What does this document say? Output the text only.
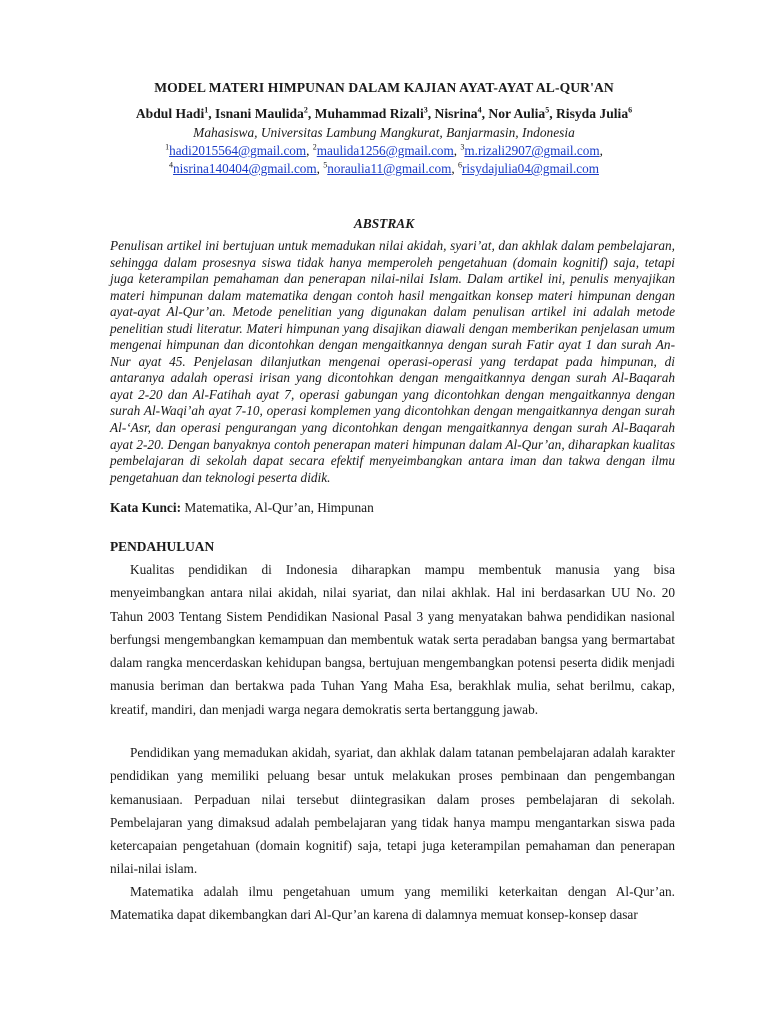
MODEL MATERI HIMPUNAN DALAM KAJIAN AYAT-AYAT AL-QUR'AN
Abdul Hadi$^1$, Isnani Maulida$^2$, Muhammad Rizali$^3$, Nisrina$^4$, Nor Aulia$^5$, Risyda Julia$^6$
Mahasiswa, Universitas Lambung Mangkurat, Banjarmasin, Indonesia
$^1$hadi2015564@gmail.com, $^2$maulida1256@gmail.com, $^3$m.rizali2907@gmail.com,
$^4$nisrina140404@gmail.com, $^5$noraulia11@gmail.com, $^6$risydajulia04@gmail.com
ABSTRAK

Penulisan artikel ini bertujuan untuk memadukan nilai akidah, syari’at, dan akhlak dalam pembelajaran, sehingga dalam prosesnya siswa tidak hanya memperoleh pengetahuan (domain kognitif) saja, tetapi juga keterampilan pemahaman dan penerapan nilai-nilai Islam. Dalam artikel ini, penulis menyajikan materi himpunan dalam matematika dengan contoh hasil mengaitkan konsep materi himpunan dengan ayat-ayat Al-Qur’an. Metode penelitian yang digunakan dalam penulisan artikel ini adalah metode penelitian studi literatur. Materi himpunan yang disajikan diawali dengan memberikan penjelasan umum mengenai himpunan dan dicontohkan dengan mengaitkannya dengan surah Fatir ayat 1 dan surah An-Nur ayat 45. Penjelasan dilanjutkan mengenai operasi-operasi yang terdapat pada himpunan, di antaranya adalah operasi irisan yang dicontohkan dengan mengaitkannya dengan surah Al-Baqarah ayat 2-20 dan Al-Fatihah ayat 7, operasi gabungan yang dicontohkan dengan mengaitkannya dengan surah Al-Waqi’ah ayat 7-10, operasi komplemen yang dicontohkan dengan mengaitkannya dengan surah Al-‘Asr, dan operasi pengurangan yang dicontohkan dengan mengaitkannya dengan surah Al-Baqarah ayat 2-20. Dengan banyaknya contoh penerapan materi himpunan dalam Al-Qur’an, diharapkan kualitas pembelajaran di sekolah dapat secara efektif menyeimbangkan antara iman dan takwa dengan ilmu pengetahuan dan teknologi peserta didik.

Kata Kunci: Matematika, Al-Qur’an, Himpunan
PENDAHULUAN

Kualitas pendidikan di Indonesia diharapkan mampu membentuk manusia yang bisa menyeimbangkan antara nilai akidah, nilai syariat, dan nilai akhlak. Hal ini berdasarkan UU No. 20 Tahun 2003 Tentang Sistem Pendidikan Nasional Pasal 3 yang menyatakan bahwa pendidikan nasional berfungsi mengembangkan kemampuan dan membentuk watak serta peradaban bangsa yang bermartabat dalam rangka mencerdaskan kehidupan bangsa, bertujuan mengembangkan potensi peserta didik menjadi manusia beriman dan bertakwa pada Tuhan Yang Maha Esa, berakhlak mulia, sehat berilmu, cakap, kreatif, mandiri, dan menjadi warga negara demokratis serta bertanggung jawab.

Pendidikan yang memadukan akidah, syariat, dan akhlak dalam tatanan pembelajaran adalah karakter pendidikan yang memiliki peluang besar untuk melakukan proses pembinaan dan pengembangan kemanusiaan. Perpaduan nilai tersebut diintegrasikan dalam proses pembelajaran di sekolah. Pembelajaran yang dimaksud adalah pembelajaran yang tidak hanya mampu mengantarkan siswa pada ketercapaian pengetahuan (domain kognitif) saja, tetapi juga keterampilan pemahaman dan penerapan nilai-nilai islam.

Matematika adalah ilmu pengetahuan umum yang memiliki keterkaitan dengan Al-Qur’an. Matematika dapat dikembangkan dari Al-Qur’an karena di dalamnya memuat konsep-konsep dasar
